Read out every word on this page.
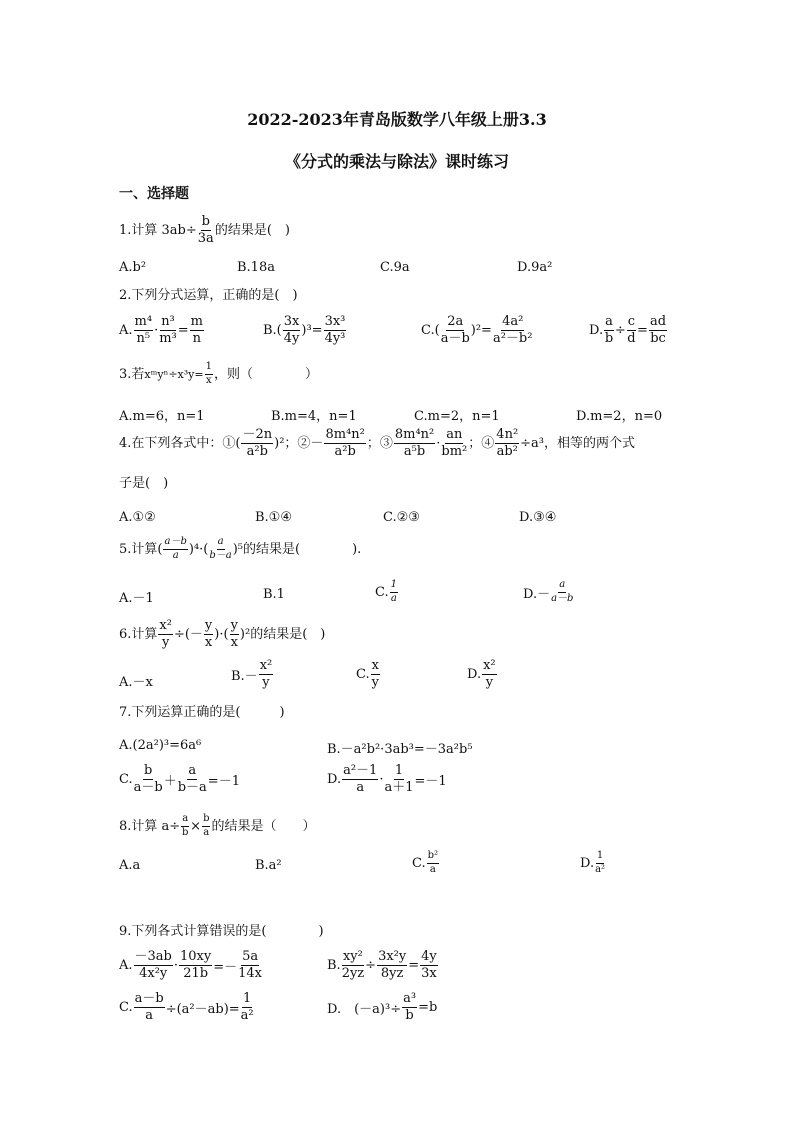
2022-2023年青岛版数学八年级上册3.3
《分式的乘法与除法》课时练习
一、选择题
1.计算 $3ab\div \frac{b}{3a}$ 的结果是(　)
A.b²	B.18a	C.9a	D.9a²
2.下列分式运算，正确的是(　)
A. $\frac{\text{m⁴}}{\text{n⁵}} \cdot \frac{\text{n³}}{\text{m³}} = \frac{m}{n}$	$B.( \frac{3x}{4y} )^3= \frac{\text{3x³}}{\text{4y³}}$	$C.( \frac{2a}{a-b} )^2= \frac{\text{4a²}}{\text{a²－b²}}$	D. $\frac{a}{b} \div \frac{c}{d} = \frac{ad}{bc}$
3.若 xᵐyⁿ÷x³y= $\frac{1}{x}$ ，则（　　　　）
A.m=6，n=1	B.m=4，n=1	C.m=2，n=1	D.m=2，n=0
4.在下列各式中：①( $\frac{-2n}{\text{a²b}} )^2$；②－ $\frac{\text{8m⁴n²}}{\text{a²b}}$ ；③ $\frac{\text{8m⁴n²}}{\text{a⁵b}} \cdot \frac{an}{\text{bm²}}$ ；④ $\frac{\text{4n²}}{\text{ab²}} \div a^3$，相等的两个式
子是(　)
A.①②	B.①④	C.②③	D.③④
5.计算( $\frac{a-b}{a} )^4\cdot( \frac{a}{b-a} )^5$的结果是(　　　　).
A.－1	B.1	C. $\frac{1}{a}$	$D.- \frac{a}{a-b}$
6.计算 $\frac{\text{x²}}{y}$ ÷(－ $\frac{y}{x}$ )·( $\frac{y}{x} )^2$的结果是(　)
A.－x	$B.- \frac{\text{x²}}{y}$	C. $\frac{x}{y}$	D. $\frac{\text{x²}}{y}$
7.下列运算正确的是(　　　)
A.(2a²)³=6a⁶	B.－a²b²·3ab³=－3a²b⁵
C. $\frac{b}{a-b} + \frac{a}{b-a} =-1$	D. $\frac{\text{a²－1}}{a} \cdot \frac{1}{a+1} =-1$
8.计算 $a\div \frac{a}{b} \times \frac{b}{a}$ 的结果是（　　）
A.a	B.a²	C. $\frac{\text{b²}}{a}$	D. $\frac{1}{\text{a²}}$
9.下列各式计算错误的是(　　　　)
A. $\frac{-3ab}{\text{4x²y}} \cdot \frac{10xy}{21b} =- \frac{5a}{14x}$	B. $\frac{\text{xy²}}{2yz} \div \frac{\text{3x²y}}{8yz} = \frac{4y}{3x}$
C. $\frac{a-b}{a} \div(a^2-ab)= \frac{1}{\text{a²}}$	D.　$(-a)^3\div \frac{\text{a³}}{b} =b$
